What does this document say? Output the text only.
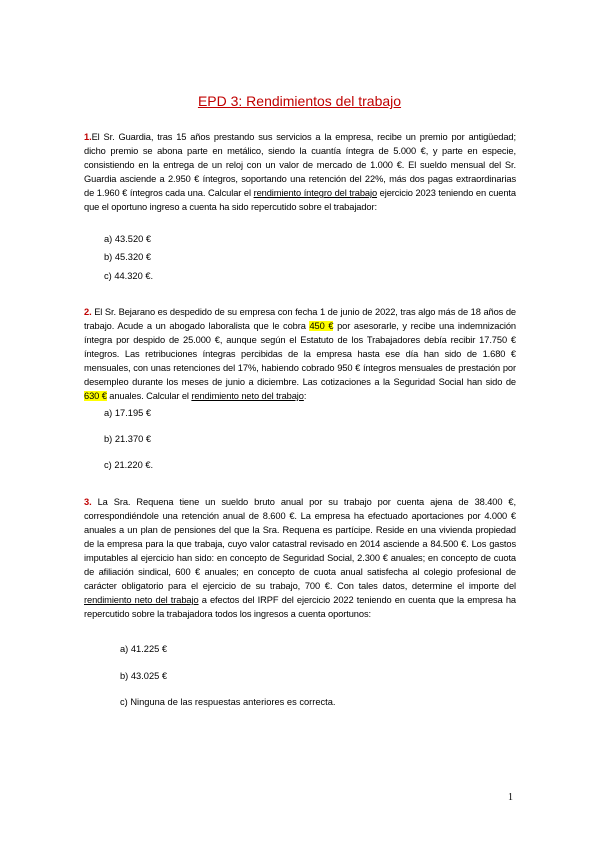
EPD 3: Rendimientos del trabajo
1.El Sr. Guardia, tras 15 años prestando sus servicios a la empresa, recibe un premio por antigüedad; dicho premio se abona parte en metálico, siendo la cuantía íntegra de 5.000 €, y parte en especie, consistiendo en la entrega de un reloj con un valor de mercado de 1.000 €. El sueldo mensual del Sr. Guardia asciende a 2.950 € íntegros, soportando una retención del 22%, más dos pagas extraordinarias de 1.960 € íntegros cada una. Calcular el rendimiento íntegro del trabajo ejercicio 2023 teniendo en cuenta que el oportuno ingreso a cuenta ha sido repercutido sobre el trabajador:
a) 43.520 €
b) 45.320 €
c) 44.320 €.
2. El Sr. Bejarano es despedido de su empresa con fecha 1 de junio de 2022, tras algo más de 18 años de trabajo. Acude a un abogado laboralista que le cobra 450 € por asesorarle, y recibe una indemnización íntegra por despido de 25.000 €, aunque según el Estatuto de los Trabajadores debía recibir 17.750 € íntegros. Las retribuciones íntegras percibidas de la empresa hasta ese día han sido de 1.680 € mensuales, con unas retenciones del 17%, habiendo cobrado 950 € íntegros mensuales de prestación por desempleo durante los meses de junio a diciembre. Las cotizaciones a la Seguridad Social han sido de 630 € anuales. Calcular el rendimiento neto del trabajo:
a) 17.195 €
b) 21.370 €
c) 21.220 €.
3. La Sra. Requena tiene un sueldo bruto anual por su trabajo por cuenta ajena de 38.400 €, correspondiéndole una retención anual de 8.600 €. La empresa ha efectuado aportaciones por 4.000 € anuales a un plan de pensiones del que la Sra. Requena es partícipe. Reside en una vivienda propiedad de la empresa para la que trabaja, cuyo valor catastral revisado en 2014 asciende a 84.500 €. Los gastos imputables al ejercicio han sido: en concepto de Seguridad Social, 2.300 € anuales; en concepto de cuota de afiliación sindical, 600 € anuales; en concepto de cuota anual satisfecha al colegio profesional de carácter obligatorio para el ejercicio de su trabajo, 700 €. Con tales datos, determine el importe del rendimiento neto del trabajo a efectos del IRPF del ejercicio 2022 teniendo en cuenta que la empresa ha repercutido sobre la trabajadora todos los ingresos a cuenta oportunos:
a) 41.225 €
b) 43.025 €
c) Ninguna de las respuestas anteriores es correcta.
1
